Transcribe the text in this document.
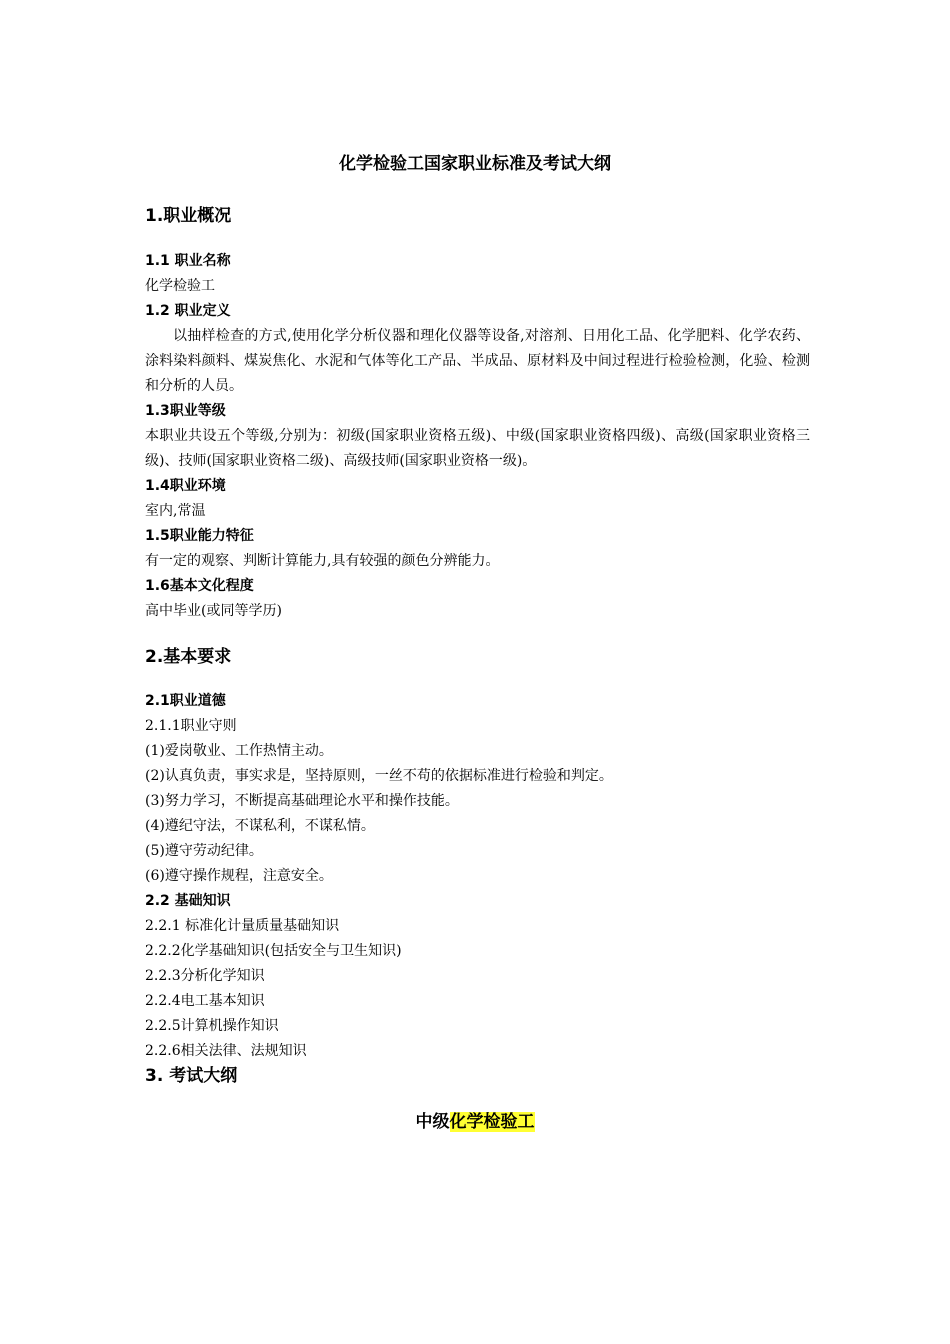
化学检验工国家职业标准及考试大纲
1.职业概况
1.1 职业名称
化学检验工
1.2 职业定义
以抽样检查的方式,使用化学分析仪器和理化仪器等设备,对溶剂、日用化工品、化学肥料、化学农药、涂料染料颜料、煤炭焦化、水泥和气体等化工产品、半成品、原材料及中间过程进行检验检测，化验、检测和分析的人员。
1.3职业等级
本职业共设五个等级,分别为：初级(国家职业资格五级)、中级(国家职业资格四级)、高级(国家职业资格三级)、技师(国家职业资格二级)、高级技师(国家职业资格一级)。
1.4职业环境
室内,常温
1.5职业能力特征
有一定的观察、判断计算能力,具有较强的颜色分辨能力。
1.6基本文化程度
高中毕业(或同等学历)
2.基本要求
2.1职业道德
2.1.1职业守则
(1)爱岗敬业、工作热情主动。
(2)认真负责，事实求是，坚持原则，一丝不苟的依据标准进行检验和判定。
(3)努力学习，不断提高基础理论水平和操作技能。
(4)遵纪守法，不谋私利，不谋私情。
(5)遵守劳动纪律。
(6)遵守操作规程，注意安全。
2.2 基础知识
2.2.1 标准化计量质量基础知识
2.2.2化学基础知识(包括安全与卫生知识)
2.2.3分析化学知识
2.2.4电工基本知识
2.2.5计算机操作知识
2.2.6相关法律、法规知识
3. 考试大纲
中级化学检验工
